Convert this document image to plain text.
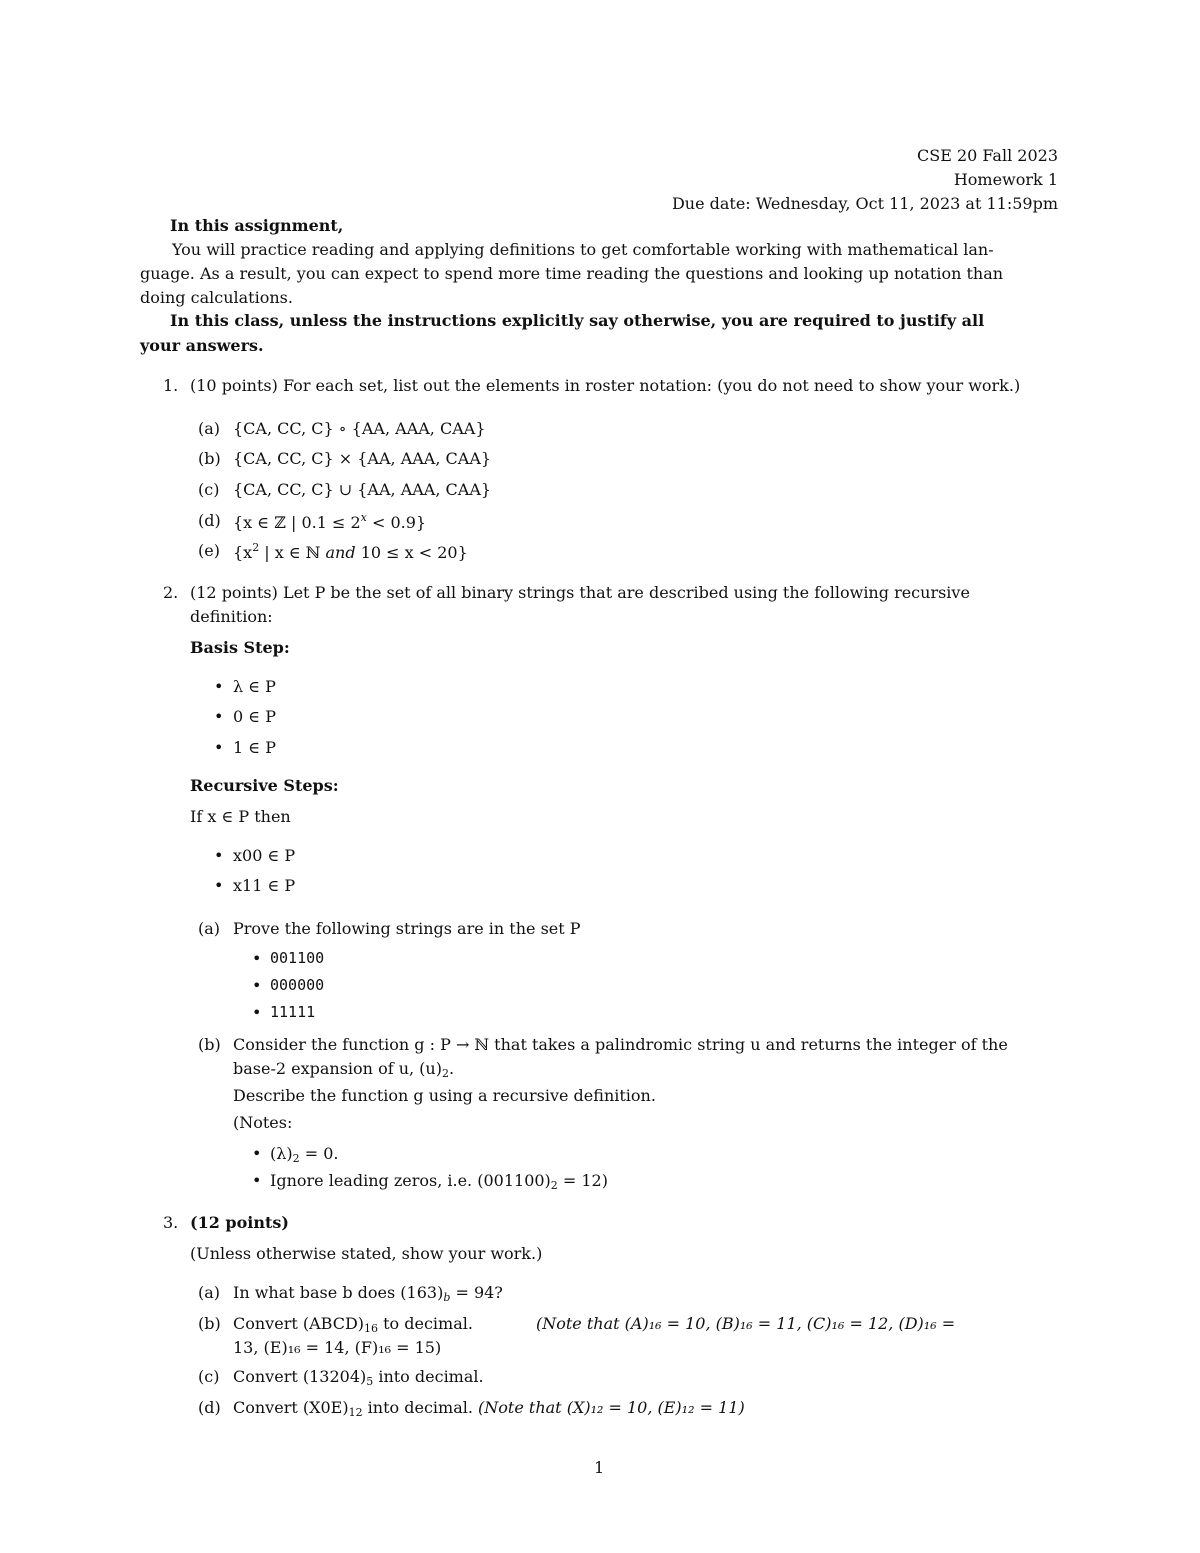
CSE 20 Fall 2023
Homework 1
Due date: Wednesday, Oct 11, 2023 at 11:59pm
In this assignment,
You will practice reading and applying definitions to get comfortable working with mathematical lan-
guage. As a result, you can expect to spend more time reading the questions and looking up notation than
doing calculations.
In this class, unless the instructions explicitly say otherwise, you are required to justify all
your answers.
1. (10 points) For each set, list out the elements in roster notation: (you do not need to show your work.)
(a) {CA, CC, C} ∘ {AA, AAA, CAA}
(b) {CA, CC, C} × {AA, AAA, CAA}
(c) {CA, CC, C} ∪ {AA, AAA, CAA}
(d) {x ∈ ℤ | $0.1 \le 2^x < 0.9$}
(e) {$x^2$ | x ∈ ℕ and 10 ≤ x < 20}
2. (12 points) Let P be the set of all binary strings that are described using the following recursive
definition:
Basis Step:
• λ ∈ P
• 0 ∈ P
• 1 ∈ P
Recursive Steps:
If x ∈ P then
• x00 ∈ P
• x11 ∈ P
(a) Prove the following strings are in the set P
• 001100
• 000000
• 11111
(b) Consider the function g : P → ℕ that takes a palindromic string u and returns the integer of the
base-2 expansion of u, $(u)_2$.
Describe the function g using a recursive definition.
(Notes:
• $(\lambda)_2 = 0$.
• Ignore leading zeros, i.e. $(001100)_2 = 12$)
3. (12 points)
(Unless otherwise stated, show your work.)
(a) In what base b does $(163)_b = 94$?
(b) Convert $(ABCD)_{16}$ to decimal.	(Note that (A)₁₆ = 10, (B)₁₆ = 11, (C)₁₆ = 12, (D)₁₆ =
13, (E)₁₆ = 14, (F)₁₆ = 15)
(c) Convert $(13204)_5$ into decimal.
(d) Convert $(X0E)_{12}$ into decimal. (Note that (X)₁₂ = 10, (E)₁₂ = 11)
1
